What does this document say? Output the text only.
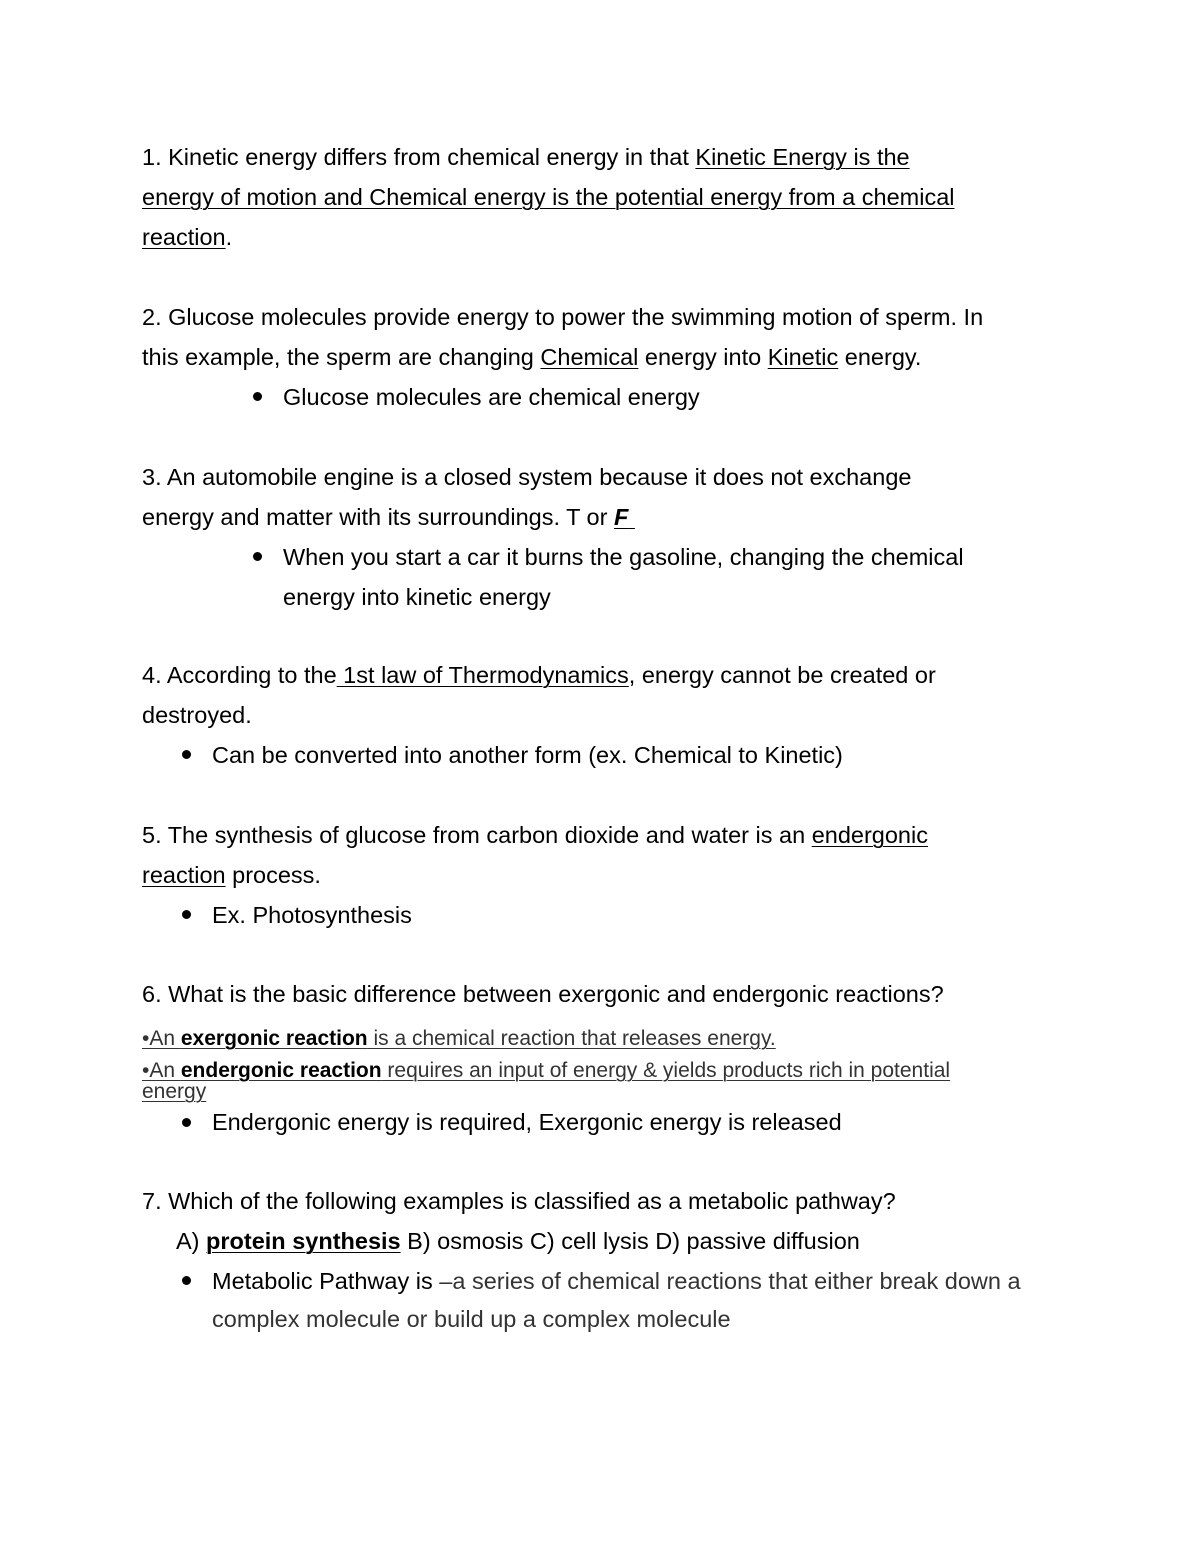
1. Kinetic energy differs from chemical energy in that Kinetic Energy is the
energy of motion and Chemical energy is the potential energy from a chemical
reaction.
2. Glucose molecules provide energy to power the swimming motion of sperm. In
this example, the sperm are changing Chemical energy into Kinetic energy.
Glucose molecules are chemical energy
3. An automobile engine is a closed system because it does not exchange
energy and matter with its surroundings. T or F
When you start a car it burns the gasoline, changing the chemical
energy into kinetic energy
4. According to the 1st law of Thermodynamics, energy cannot be created or
destroyed.
Can be converted into another form (ex. Chemical to Kinetic)
5. The synthesis of glucose from carbon dioxide and water is an endergonic
reaction process.
Ex. Photosynthesis
6. What is the basic difference between exergonic and endergonic reactions?
•An exergonic reaction is a chemical reaction that releases energy.
•An endergonic reaction requires an input of energy & yields products rich in potential
energy
Endergonic energy is required, Exergonic energy is released
7. Which of the following examples is classified as a metabolic pathway?
A) protein synthesis B) osmosis C) cell lysis D) passive diffusion
Metabolic Pathway is –a series of chemical reactions that either break down a
complex molecule or build up a complex molecule
